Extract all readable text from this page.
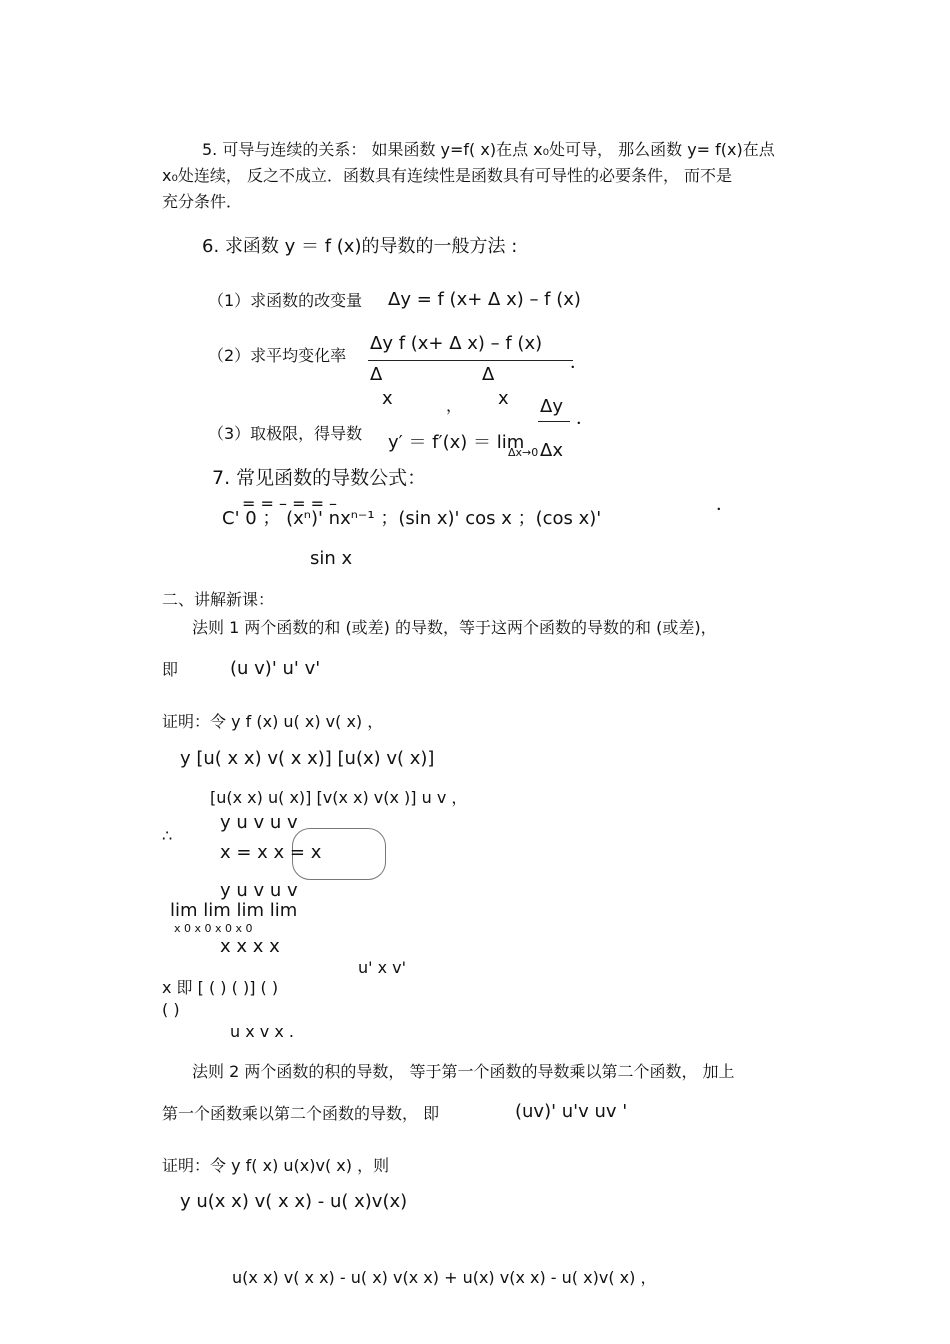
5. 可导与连续的关系： 如果函数 y=f( x)在点 x₀处可导， 那么函数 y= f(x)在点
x₀处连续， 反之不成立．函数具有连续性是函数具有可导性的必要条件， 而不是
充分条件．
6. 求函数 y ＝ f (x)的导数的一般方法 :
（1）求函数的改变量 Δy = f (x+ Δ x) – f (x)
（2）求平均变化率
Δy f (x+ Δ x) – f (x)
Δ	Δ
x	， x
．
（3）取极限，得导数 y′ ＝ f′(x) ＝ lim
Δx→0
Δy
Δx
．
7. 常见函数的导数公式：
= = – = = –
C' 0 ； (xⁿ)' nxⁿ⁻¹ ；(sin x)' cos x ；(cos x)'
．
sin x
二、讲解新课：
法则 1 两个函数的和 (或差) 的导数，等于这两个函数的导数的和 (或差)，
即	(u v)' u' v'
证明：令 y f (x) u( x) v( x) ，
y [u( x x) v( x x)] [u(x) v( x)]
[u(x x) u( x)] [v(x x) v(x )] u v ，
∴
y u v u v
x = x x = x
y u v u v
lim lim lim lim
x 0 x 0 x 0 x 0
x x x x
u' x v'
x 即 [ ( ) ( )] ( )
( )
u x v x .
法则 2 两个函数的积的导数， 等于第一个函数的导数乘以第二个函数， 加上
第一个函数乘以第二个函数的导数， 即	(uv)' u'v uv '
证明：令 y f( x) u(x)v( x) ，则
y u(x x) v( x x) - u( x)v(x)
u(x x) v( x x) - u( x) v(x x) + u(x) v(x x) - u( x)v( x) ，
